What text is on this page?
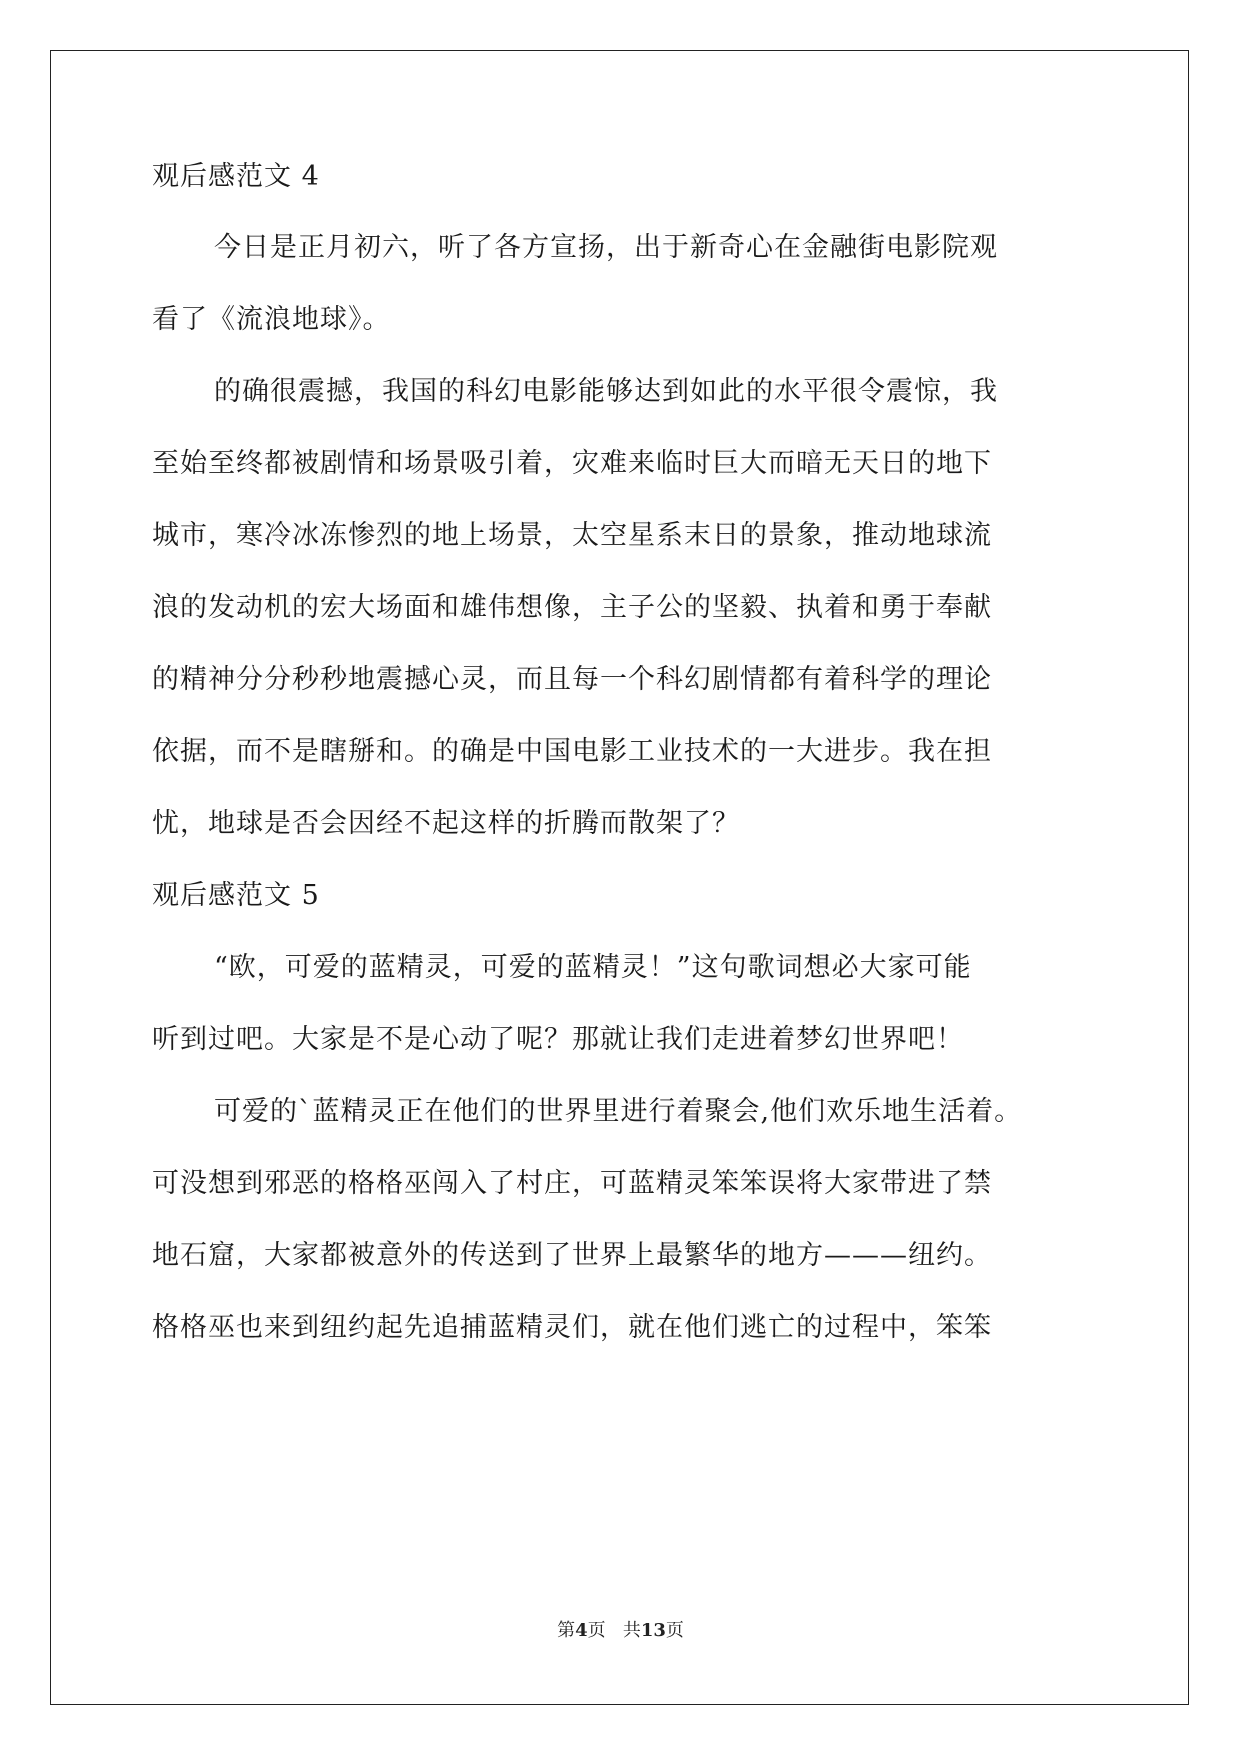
观后感范文 4

今日是正月初六，听了各方宣扬，出于新奇心在金融街电影院观

看了《流浪地球》。

的确很震撼，我国的科幻电影能够达到如此的水平很令震惊，我

至始至终都被剧情和场景吸引着，灾难来临时巨大而暗无天日的地下

城市，寒冷冰冻惨烈的地上场景，太空星系末日的景象，推动地球流

浪的发动机的宏大场面和雄伟想像，主子公的坚毅、执着和勇于奉献

的精神分分秒秒地震撼心灵，而且每一个科幻剧情都有着科学的理论

依据，而不是瞎掰和。的确是中国电影工业技术的一大进步。我在担

忧，地球是否会因经不起这样的折腾而散架了？

观后感范文 5

“欧，可爱的蓝精灵，可爱的蓝精灵！”这句歌词想必大家可能

听到过吧。大家是不是心动了呢？那就让我们走进着梦幻世界吧！

可爱的`蓝精灵正在他们的世界里进行着聚会,他们欢乐地生活着。

可没想到邪恶的格格巫闯入了村庄，可蓝精灵笨笨误将大家带进了禁

地石窟，大家都被意外的传送到了世界上最繁华的地方———纽约。

格格巫也来到纽约起先追捕蓝精灵们，就在他们逃亡的过程中，笨笨

第4页 共13页
